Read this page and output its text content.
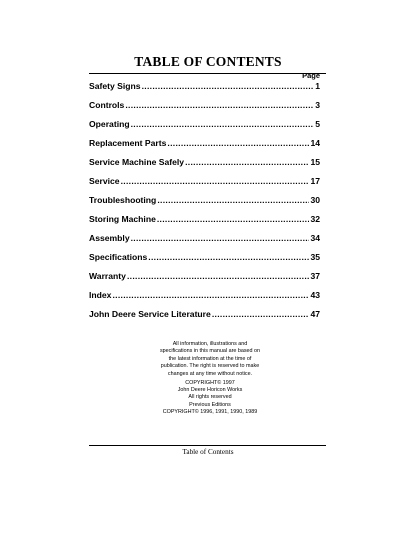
TABLE OF CONTENTS
Page
Safety Signs .....	1
Controls .....	3
Operating .....	5
Replacement Parts .....	14
Service Machine Safely .....	15
Service .....	17
Troubleshooting .....	30
Storing Machine .....	32
Assembly .....	34
Specifications .....	35
Warranty .....	37
Index .....	43
John Deere Service Literature .....	47

All information, illustrations and

specifications in this manual are based on

the latest information at the time of

publication. The right is reserved to make

changes at any time without notice.

COPYRIGHT© 1997
John Deere Horicon Works
All rights reserved
Previous Editions
COPYRIGHT© 1996, 1991, 1990, 1989
Table of Contents
